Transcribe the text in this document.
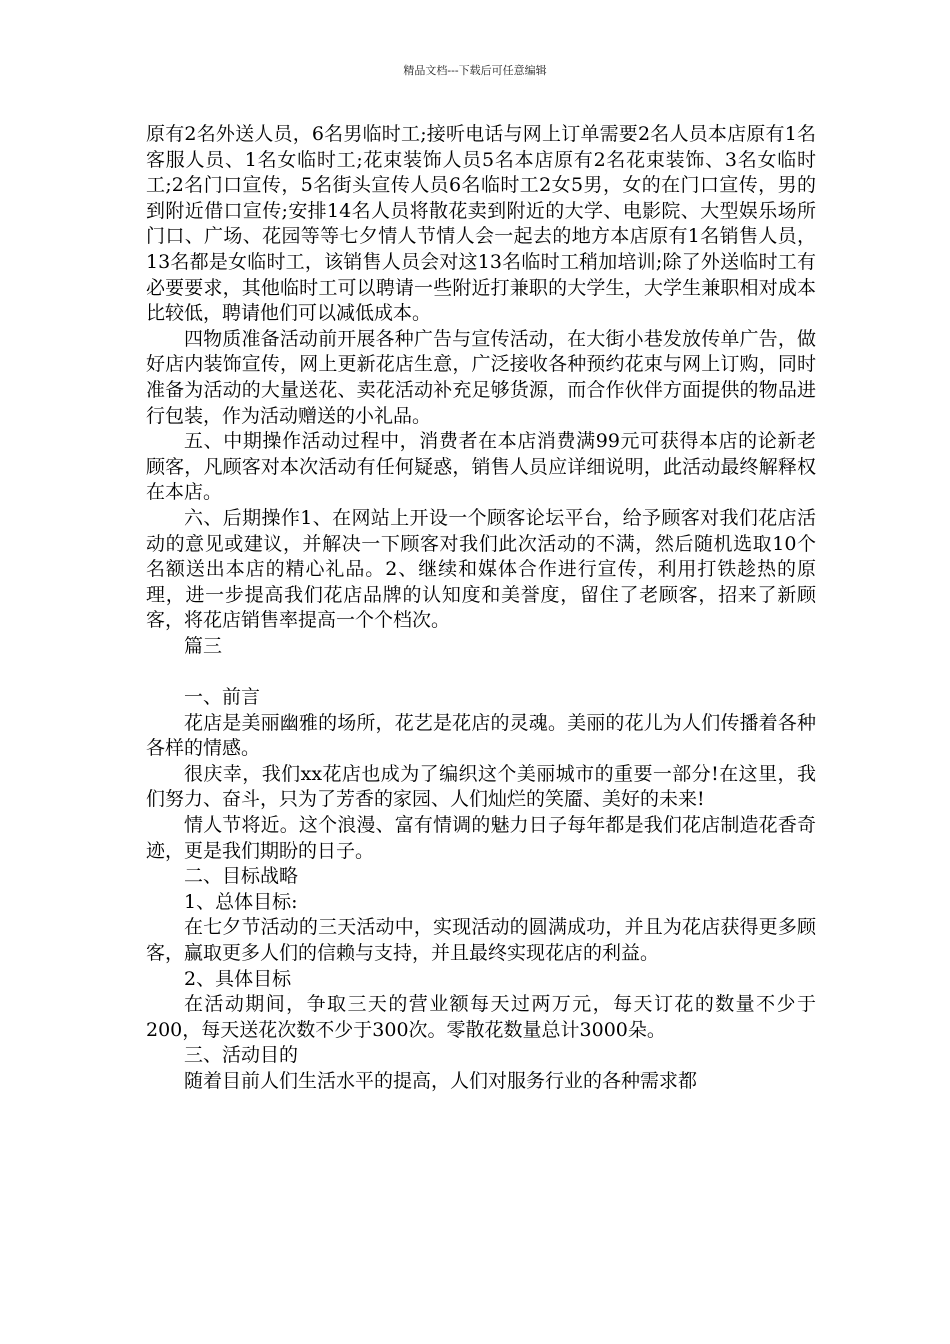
精品文档---下载后可任意编辑

原有2名外送人员，6名男临时工;接听电话与网上订单需要2名人员本店原有1名客服人员、1名女临时工;花束装饰人员5名本店原有2名花束装饰、3名女临时工;2名门口宣传，5名街头宣传人员6名临时工2女5男，女的在门口宣传，男的到附近借口宣传;安排14名人员将散花卖到附近的大学、电影院、大型娱乐场所门口、广场、花园等等七夕情人节情人会一起去的地方本店原有1名销售人员，13名都是女临时工，该销售人员会对这13名临时工稍加培训;除了外送临时工有必要要求，其他临时工可以聘请一些附近打兼职的大学生，大学生兼职相对成本比较低，聘请他们可以减低成本。

四物质准备活动前开展各种广告与宣传活动，在大街小巷发放传单广告，做好店内装饰宣传，网上更新花店生意，广泛接收各种预约花束与网上订购，同时准备为活动的大量送花、卖花活动补充足够货源，而合作伙伴方面提供的物品进行包装，作为活动赠送的小礼品。

五、中期操作活动过程中，消费者在本店消费满99元可获得本店的论新老顾客，凡顾客对本次活动有任何疑惑，销售人员应详细说明，此活动最终解释权在本店。

六、后期操作1、在网站上开设一个顾客论坛平台，给予顾客对我们花店活动的意见或建议，并解决一下顾客对我们此次活动的不满，然后随机选取10个名额送出本店的精心礼品。2、继续和媒体合作进行宣传，利用打铁趁热的原理，进一步提高我们花店品牌的认知度和美誉度，留住了老顾客，招来了新顾客，将花店销售率提高一个个档次。

篇三

一、前言

花店是美丽幽雅的场所，花艺是花店的灵魂。美丽的花儿为人们传播着各种各样的情感。

很庆幸，我们xx花店也成为了编织这个美丽城市的重要一部分!在这里，我们努力、奋斗，只为了芳香的家园、人们灿烂的笑靥、美好的未来!

情人节将近。这个浪漫、富有情调的魅力日子每年都是我们花店制造花香奇迹，更是我们期盼的日子。

二、目标战略

1、总体目标:

在七夕节活动的三天活动中，实现活动的圆满成功，并且为花店获得更多顾客，赢取更多人们的信赖与支持，并且最终实现花店的利益。

2、具体目标

在活动期间，争取三天的营业额每天过两万元，每天订花的数量不少于200，每天送花次数不少于300次。零散花数量总计3000朵。

三、活动目的

随着目前人们生活水平的提高，人们对服务行业的各种需求都
